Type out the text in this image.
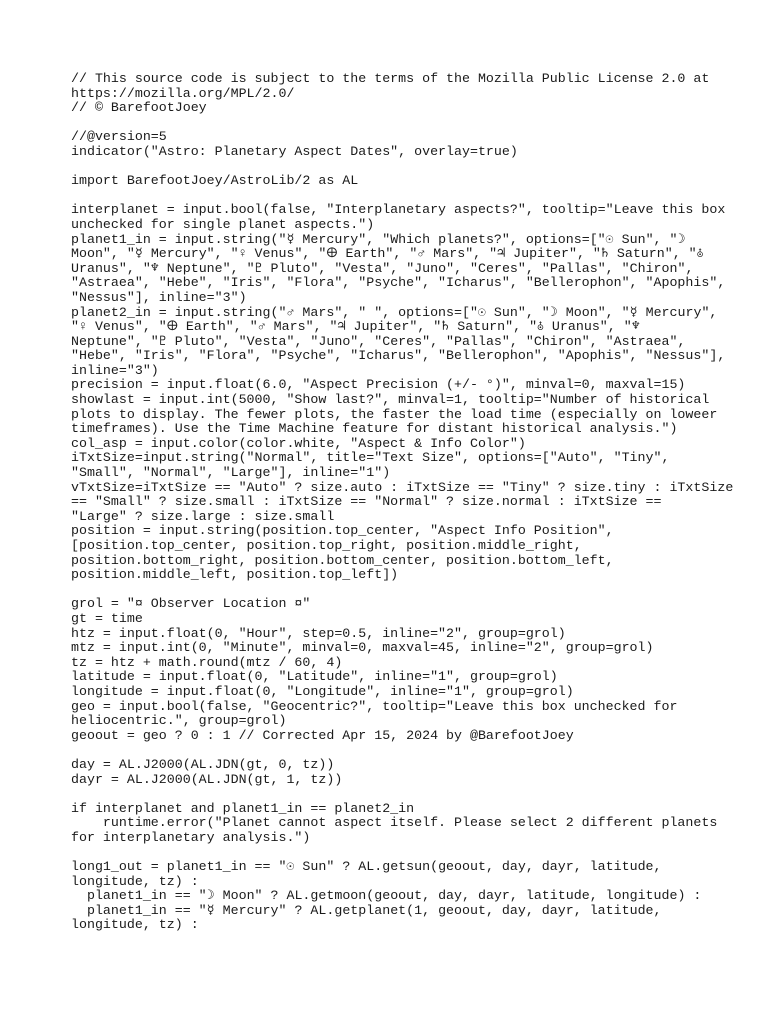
// This source code is subject to the terms of the Mozilla Public License 2.0 at
https://mozilla.org/MPL/2.0/
// © BarefootJoey

//@version=5
indicator("Astro: Planetary Aspect Dates", overlay=true)

import BarefootJoey/AstroLib/2 as AL

interplanet = input.bool(false, "Interplanetary aspects?", tooltip="Leave this box
unchecked for single planet aspects.")
planet1_in = input.string("☿ Mercury", "Which planets?", options=["☉ Sun", "☽
Moon", "☿ Mercury", "♀ Venus", "🜨 Earth", "♂ Mars", "♃ Jupiter", "♄ Saturn", "⛢
Uranus", "♆ Neptune", "♇ Pluto", "Vesta", "Juno", "Ceres", "Pallas", "Chiron",
"Astraea", "Hebe", "Iris", "Flora", "Psyche", "Icharus", "Bellerophon", "Apophis",
"Nessus"], inline="3")
planet2_in = input.string("♂ Mars", " ", options=["☉ Sun", "☽ Moon", "☿ Mercury",
"♀ Venus", "🜨 Earth", "♂ Mars", "♃ Jupiter", "♄ Saturn", "⛢ Uranus", "♆
Neptune", "♇ Pluto", "Vesta", "Juno", "Ceres", "Pallas", "Chiron", "Astraea",
"Hebe", "Iris", "Flora", "Psyche", "Icharus", "Bellerophon", "Apophis", "Nessus"],
inline="3")
precision = input.float(6.0, "Aspect Precision (+/- °)", minval=0, maxval=15)
showlast = input.int(5000, "Show last?", minval=1, tooltip="Number of historical
plots to display. The fewer plots, the faster the load time (especially on loweer
timeframes). Use the Time Machine feature for distant historical analysis.")
col_asp = input.color(color.white, "Aspect & Info Color")
iTxtSize=input.string("Normal", title="Text Size", options=["Auto", "Tiny",
"Small", "Normal", "Large"], inline="1")
vTxtSize=iTxtSize == "Auto" ? size.auto : iTxtSize == "Tiny" ? size.tiny : iTxtSize
== "Small" ? size.small : iTxtSize == "Normal" ? size.normal : iTxtSize ==
"Large" ? size.large : size.small
position = input.string(position.top_center, "Aspect Info Position",
[position.top_center, position.top_right, position.middle_right,
position.bottom_right, position.bottom_center, position.bottom_left,
position.middle_left, position.top_left])

grol = "¤ Observer Location ¤"
gt = time
htz = input.float(0, "Hour", step=0.5, inline="2", group=grol)
mtz = input.int(0, "Minute", minval=0, maxval=45, inline="2", group=grol)
tz = htz + math.round(mtz / 60, 4)
latitude = input.float(0, "Latitude", inline="1", group=grol)
longitude = input.float(0, "Longitude", inline="1", group=grol)
geo = input.bool(false, "Geocentric?", tooltip="Leave this box unchecked for
heliocentric.", group=grol)
geoout = geo ? 0 : 1 // Corrected Apr 15, 2024 by @BarefootJoey

day = AL.J2000(AL.JDN(gt, 0, tz))
dayr = AL.J2000(AL.JDN(gt, 1, tz))

if interplanet and planet1_in == planet2_in
runtime.error("Planet cannot aspect itself. Please select 2 different planets
for interplanetary analysis.")

long1_out = planet1_in == "☉ Sun" ? AL.getsun(geoout, day, dayr, latitude,
longitude, tz) :
planet1_in == "☽ Moon" ? AL.getmoon(geoout, day, dayr, latitude, longitude) :
planet1_in == "☿ Mercury" ? AL.getplanet(1, geoout, day, dayr, latitude,
longitude, tz) :
